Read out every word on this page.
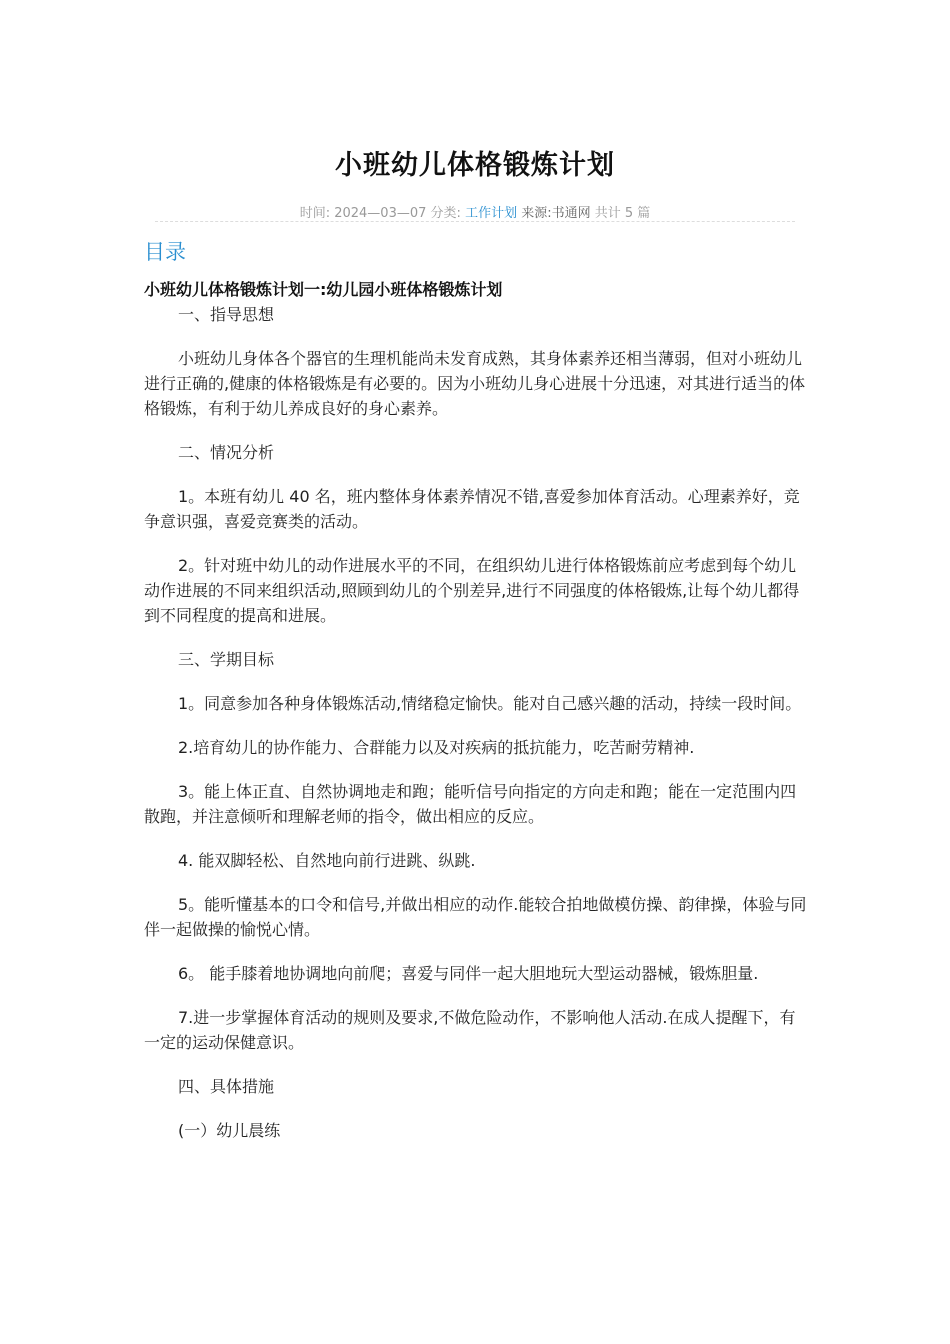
小班幼儿体格锻炼计划
时间: 2024—03—07 分类: 工作计划 来源:书通网 共计 5 篇
目录

小班幼儿体格锻炼计划一:幼儿园小班体格锻炼计划

一、指导思想

小班幼儿身体各个器官的生理机能尚未发育成熟，其身体素养还相当薄弱，但对小班幼儿进行正确的,健康的体格锻炼是有必要的。因为小班幼儿身心进展十分迅速，对其进行适当的体格锻炼，有利于幼儿养成良好的身心素养。

二、情况分析

1。本班有幼儿 40 名，班内整体身体素养情况不错,喜爱参加体育活动。心理素养好，竞争意识强，喜爱竞赛类的活动。

2。针对班中幼儿的动作进展水平的不同，在组织幼儿进行体格锻炼前应考虑到每个幼儿动作进展的不同来组织活动,照顾到幼儿的个别差异,进行不同强度的体格锻炼,让每个幼儿都得到不同程度的提高和进展。

三、学期目标

1。同意参加各种身体锻炼活动,情绪稳定愉快。能对自己感兴趣的活动，持续一段时间。

2.培育幼儿的协作能力、合群能力以及对疾病的抵抗能力，吃苦耐劳精神.

3。能上体正直、自然协调地走和跑；能听信号向指定的方向走和跑；能在一定范围内四散跑，并注意倾听和理解老师的指令，做出相应的反应。

4. 能双脚轻松、自然地向前行进跳、纵跳.

5。能听懂基本的口令和信号,并做出相应的动作.能较合拍地做模仿操、韵律操，体验与同伴一起做操的愉悦心情。

6。 能手膝着地协调地向前爬；喜爱与同伴一起大胆地玩大型运动器械，锻炼胆量.

7.进一步掌握体育活动的规则及要求,不做危险动作，不影响他人活动.在成人提醒下，有一定的运动保健意识。

四、具体措施

(一）幼儿晨练
